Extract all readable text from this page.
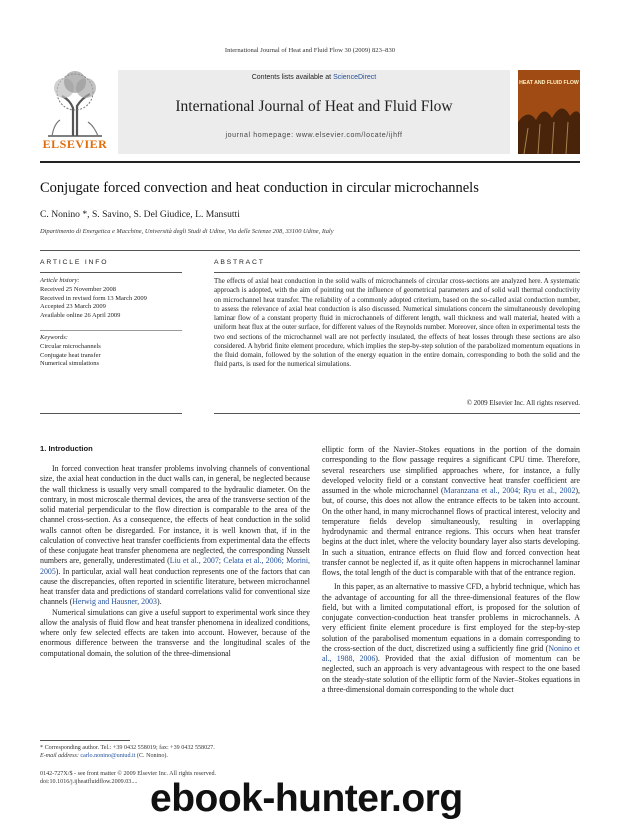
International Journal of Heat and Fluid Flow 30 (2009) 823–830
ELSEVIER
Contents lists available at ScienceDirect
International Journal of Heat and Fluid Flow
journal homepage: www.elsevier.com/locate/ijhff
HEAT AND FLUID FLOW
Conjugate forced convection and heat conduction in circular microchannels
C. Nonino *, S. Savino, S. Del Giudice, L. Mansutti
Dipartimento di Energetica e Macchine, Università degli Studi di Udine, Via delle Scienze 208, 33100 Udine, Italy
ARTICLE INFO
Article history:
Received 25 November 2008
Received in revised form 13 March 2009
Accepted 23 March 2009
Available online 26 April 2009
Keywords:
Circular microchannels
Conjugate heat transfer
Numerical simulations
ABSTRACT
The effects of axial heat conduction in the solid walls of microchannels of circular cross-sections are analyzed here. A systematic approach is adopted, with the aim of pointing out the influence of geometrical parameters and of solid wall thermal conductivity on microchannel heat transfer. The reliability of a commonly adopted criterium, based on the so-called axial conduction number, to assess the relevance of axial heat conduction is also discussed. Numerical simulations concern the simultaneously developing laminar flow of a constant property fluid in microchannels of different length, wall thickness and wall material, heated with a uniform heat flux at the outer surface, for different values of the Reynolds number. Moreover, since often in experimental tests the two end sections of the microchannel wall are not perfectly insulated, the effects of heat losses through these sections are also considered. A hybrid finite element procedure, which implies the step-by-step solution of the parabolized momentum equations in the fluid domain, followed by the solution of the energy equation in the entire domain, corresponding to both the solid and the fluid parts, is used for the numerical simulations.
© 2009 Elsevier Inc. All rights reserved.
1. Introduction

In forced convection heat transfer problems involving channels of conventional size, the axial heat conduction in the duct walls can, in general, be neglected because the wall thickness is usually very small compared to the hydraulic diameter. On the contrary, in most microscale thermal devices, the area of the transverse section of the solid material perpendicular to the flow direction is comparable to the area of the channel cross-section. As a consequence, the effects of heat conduction in the solid walls cannot often be disregarded. For instance, it is well known that, if in the calculation of convective heat transfer coefficients from experimental data the effects of these conjugate heat transfer phenomena are neglected, the corresponding Nusselt numbers are, generally, underestimated (Liu et al., 2007; Celata et al., 2006; Morini, 2005). In particular, axial wall heat conduction represents one of the factors that can cause the discrepancies, often reported in scientific literature, between microchannel heat transfer data and predictions of standard correlations valid for conventional size channels (Herwig and Hausner, 2003).

Numerical simulations can give a useful support to experimental work since they allow the analysis of fluid flow and heat transfer phenomena in idealized conditions, where only few selected effects are taken into account. However, because of the enormous difference between the transverse and the longitudinal scales of the computational domain, the solution of the three-dimensional

elliptic form of the Navier–Stokes equations in the portion of the domain corresponding to the flow passage requires a significant CPU time. Therefore, several researchers use simplified approaches where, for instance, a fully developed velocity field or a constant convective heat transfer coefficient are assumed in the whole microchannel (Maranzana et al., 2004; Ryu et al., 2002), but, of course, this does not allow the entrance effects to be taken into account. On the other hand, in many microchannel flows of practical interest, velocity and temperature fields develop simultaneously, resulting in overlapping hydrodynamic and thermal entrance regions. This occurs when heat transfer begins at the duct inlet, where the velocity boundary layer also starts developing. In such a situation, entrance effects on fluid flow and forced convection heat transfer cannot be neglected if, as it quite often happens in microchannel laminar flows, the total length of the duct is comparable with that of the entrance region.

In this paper, as an alternative to massive CFD, a hybrid technique, which has the advantage of accounting for all the three-dimensional features of the flow field, but with a limited computational effort, is proposed for the solution of conjugate convection-conduction heat transfer problems in microchannels. A very efficient finite element procedure is first employed for the step-by-step solution of the parabolised momentum equations in a domain corresponding to the cross-section of the duct, discretized using a sufficiently fine grid (Nonino et al., 1988, 2006). Provided that the axial diffusion of momentum can be neglected, such an approach is very advantageous with respect to the one based on the steady-state solution of the elliptic form of the Navier–Stokes equations in a three-dimensional domain corresponding to the whole duct

* Corresponding author. Tel.: +39 0432 558019; fax: +39 0432 558027.
E-mail address: carlo.nonino@uniud.it (C. Nonino).
0142-727X/$ - see front matter © 2009 Elsevier Inc. All rights reserved.
doi:10.1016/j.ijheatfluidflow.2009.03.... ebook-hunter.org
